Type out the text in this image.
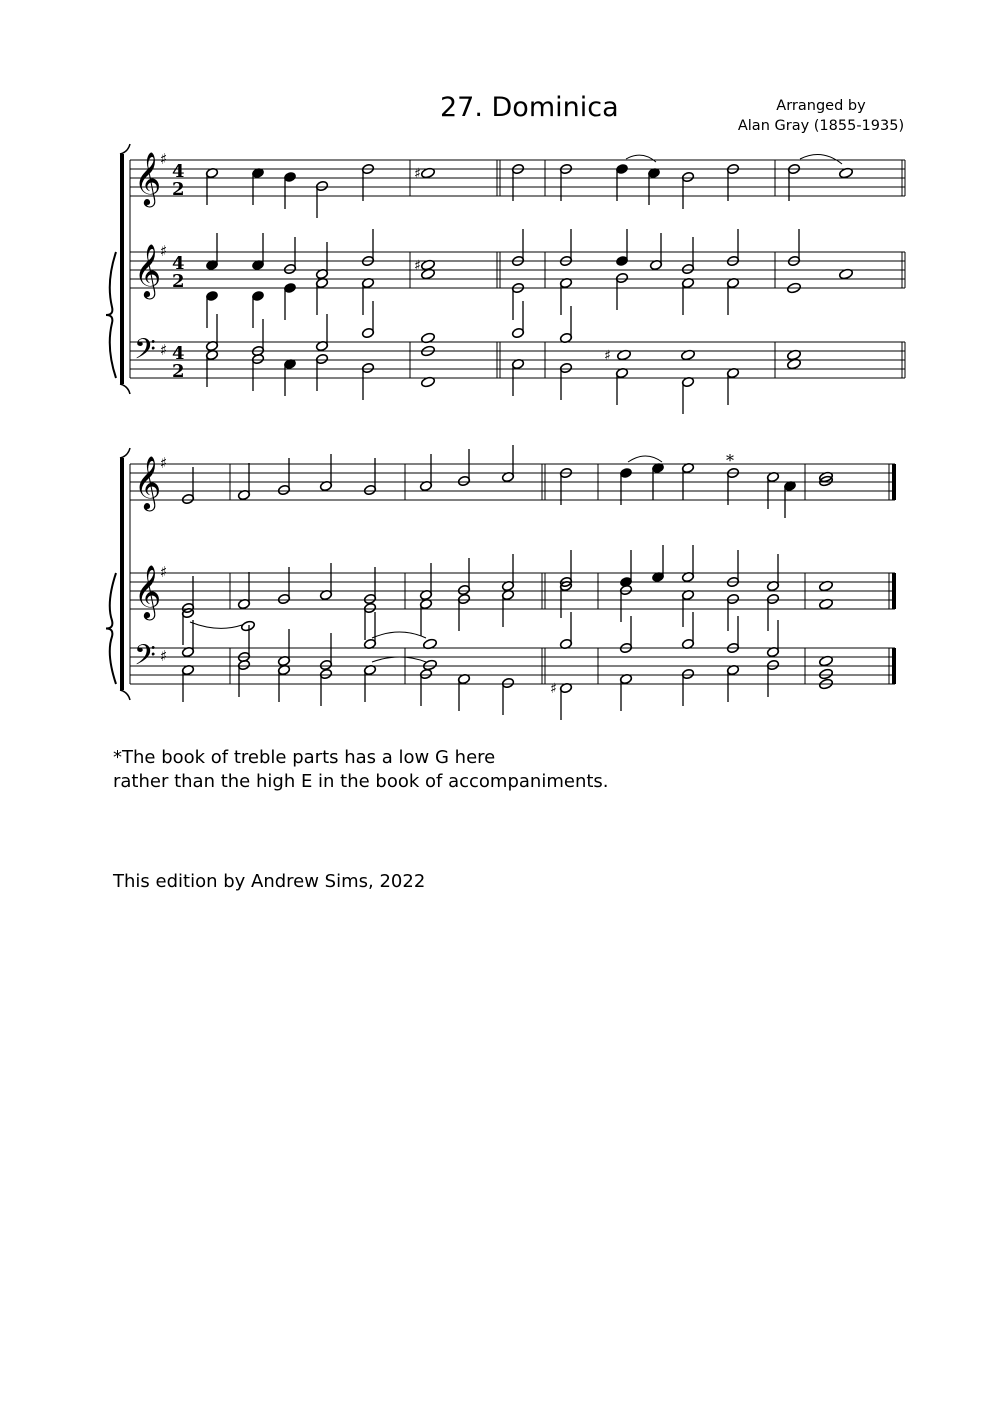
27. Dominica	Arranged by
Alan Gray (1855-1935)
𝄞
♯
𝄞
♯
𝄢 ♯
4
2
4
2
4
2
♯
♯
♯
𝄞
♯
𝄞
♯
𝄢 ♯
♯
*
*The book of treble parts has a low G here
rather than the high E in the book of accompaniments.
This edition by Andrew Sims, 2022
